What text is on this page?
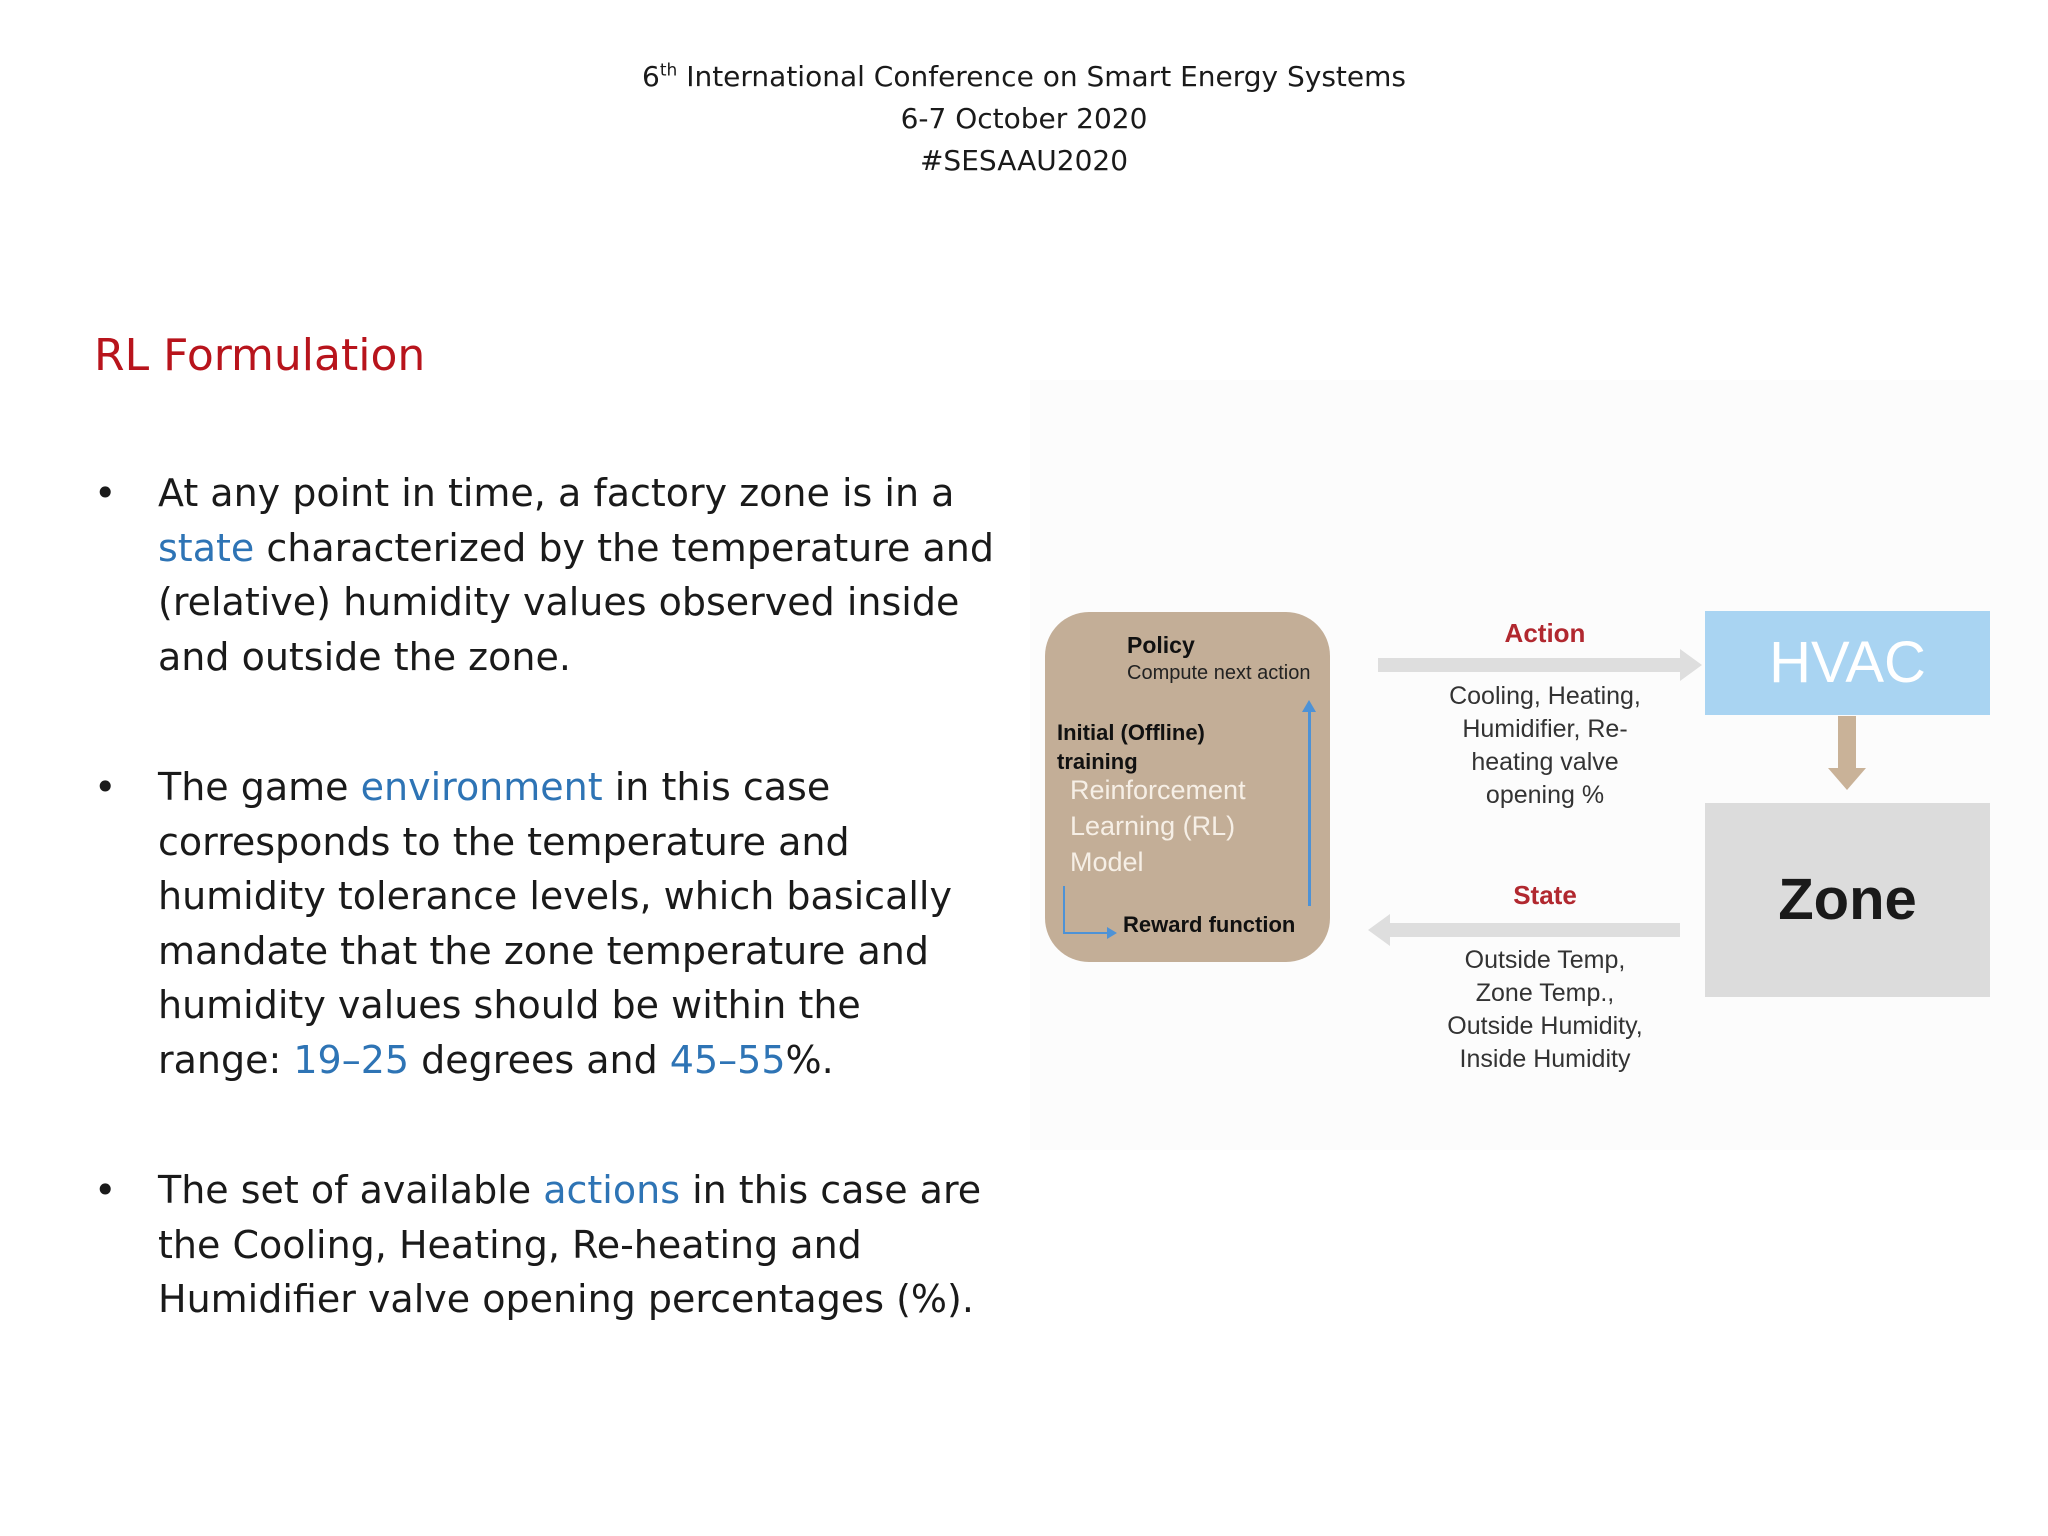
6th International Conference on Smart Energy Systems
6-7 October 2020
#SESAAU2020
RL Formulation
• At any point in time, a factory zone is in a state characterized by the temperature and (relative) humidity values observed inside and outside the zone.
• The game environment in this case corresponds to the temperature and humidity tolerance levels, which basically mandate that the zone temperature and humidity values should be within the range: 19–25 degrees and 45–55%.
• The set of available actions in this case are the Cooling, Heating, Re-heating and Humidifier valve opening percentages (%).
Policy
Compute next action
Initial (Offline)
training
Reinforcement
Learning (RL)
Model
Reward function
Action
Cooling, Heating,
Humidifier, Re-
heating valve
opening %
State
Outside Temp,
Zone Temp.,
Outside Humidity,
Inside Humidity
HVAC
Zone
